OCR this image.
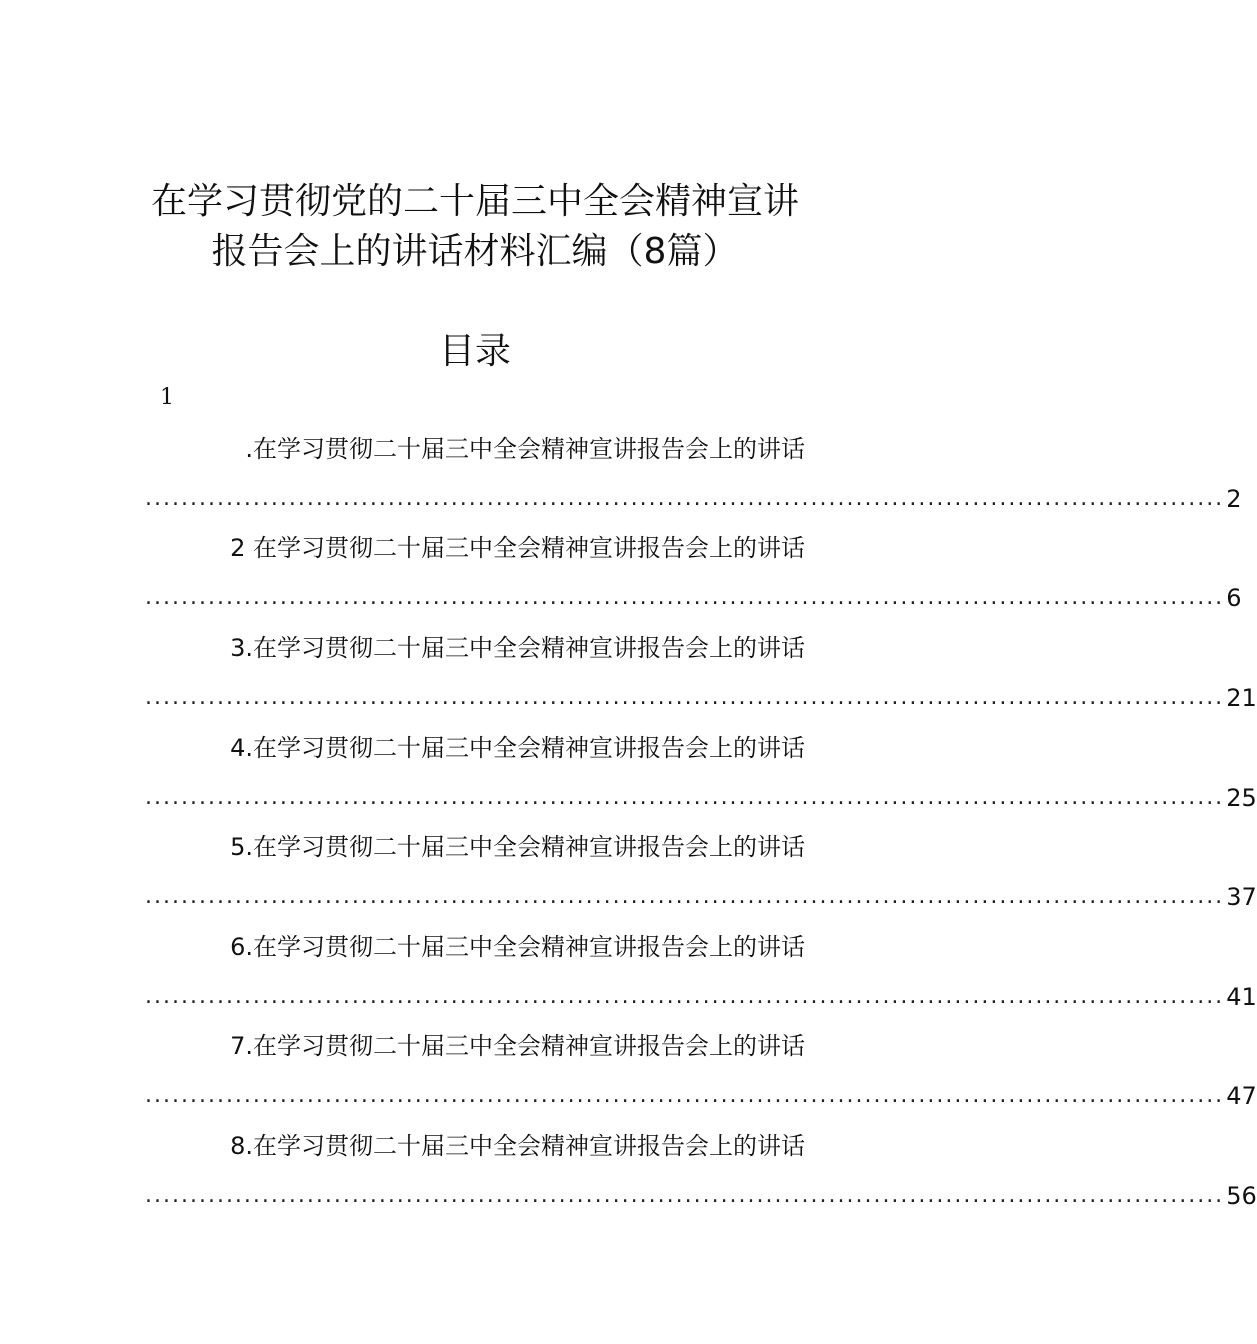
在学习贯彻党的二十届三中全会精神宣讲
报告会上的讲话材料汇编（8篇）
目录
1
.在学习贯彻二十届三中全会精神宣讲报告会上的讲话
........................................................................................................................ 2
2 在学习贯彻二十届三中全会精神宣讲报告会上的讲话
........................................................................................................................ 6
3.在学习贯彻二十届三中全会精神宣讲报告会上的讲话
........................................................................................................................ 21
4.在学习贯彻二十届三中全会精神宣讲报告会上的讲话
........................................................................................................................ 25
5.在学习贯彻二十届三中全会精神宣讲报告会上的讲话
........................................................................................................................ 37
6.在学习贯彻二十届三中全会精神宣讲报告会上的讲话
........................................................................................................................ 41
7.在学习贯彻二十届三中全会精神宣讲报告会上的讲话
........................................................................................................................ 47
8.在学习贯彻二十届三中全会精神宣讲报告会上的讲话
........................................................................................................................ 56
